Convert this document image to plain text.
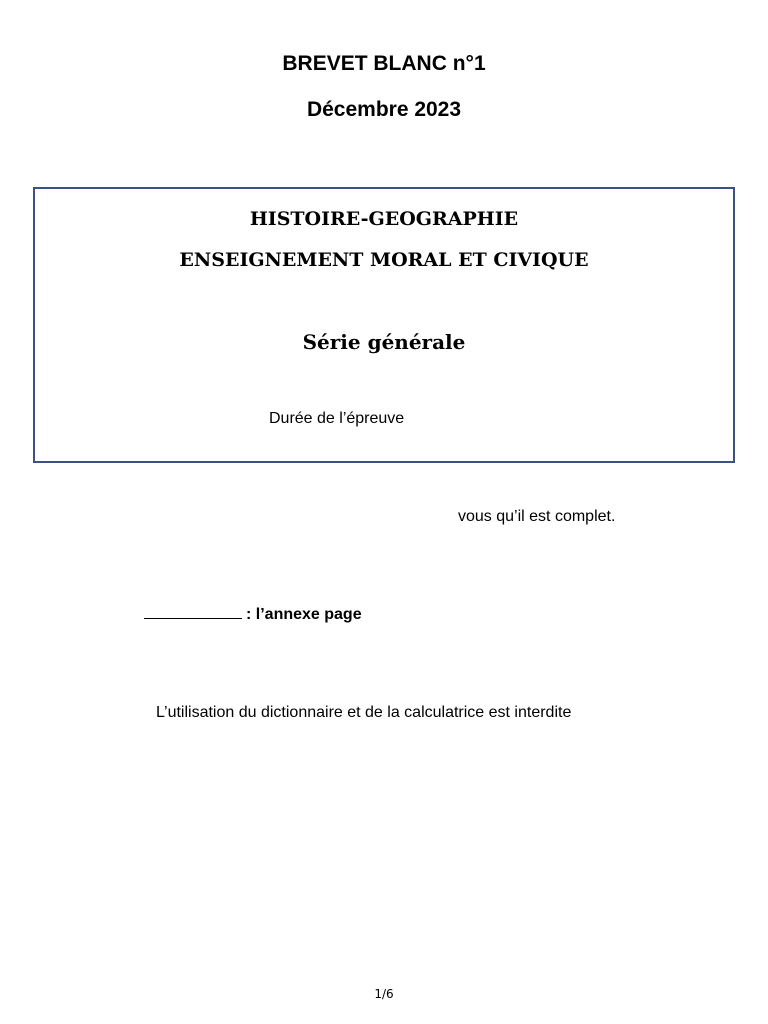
BREVET BLANC n°1
Décembre 2023
HISTOIRE-GEOGRAPHIE
ENSEIGNEMENT MORAL ET CIVIQUE
Série générale
Durée de l’épreuve
vous qu’il est complet.
: l’annexe page
L’utilisation du dictionnaire et de la calculatrice est interdite
1/6
